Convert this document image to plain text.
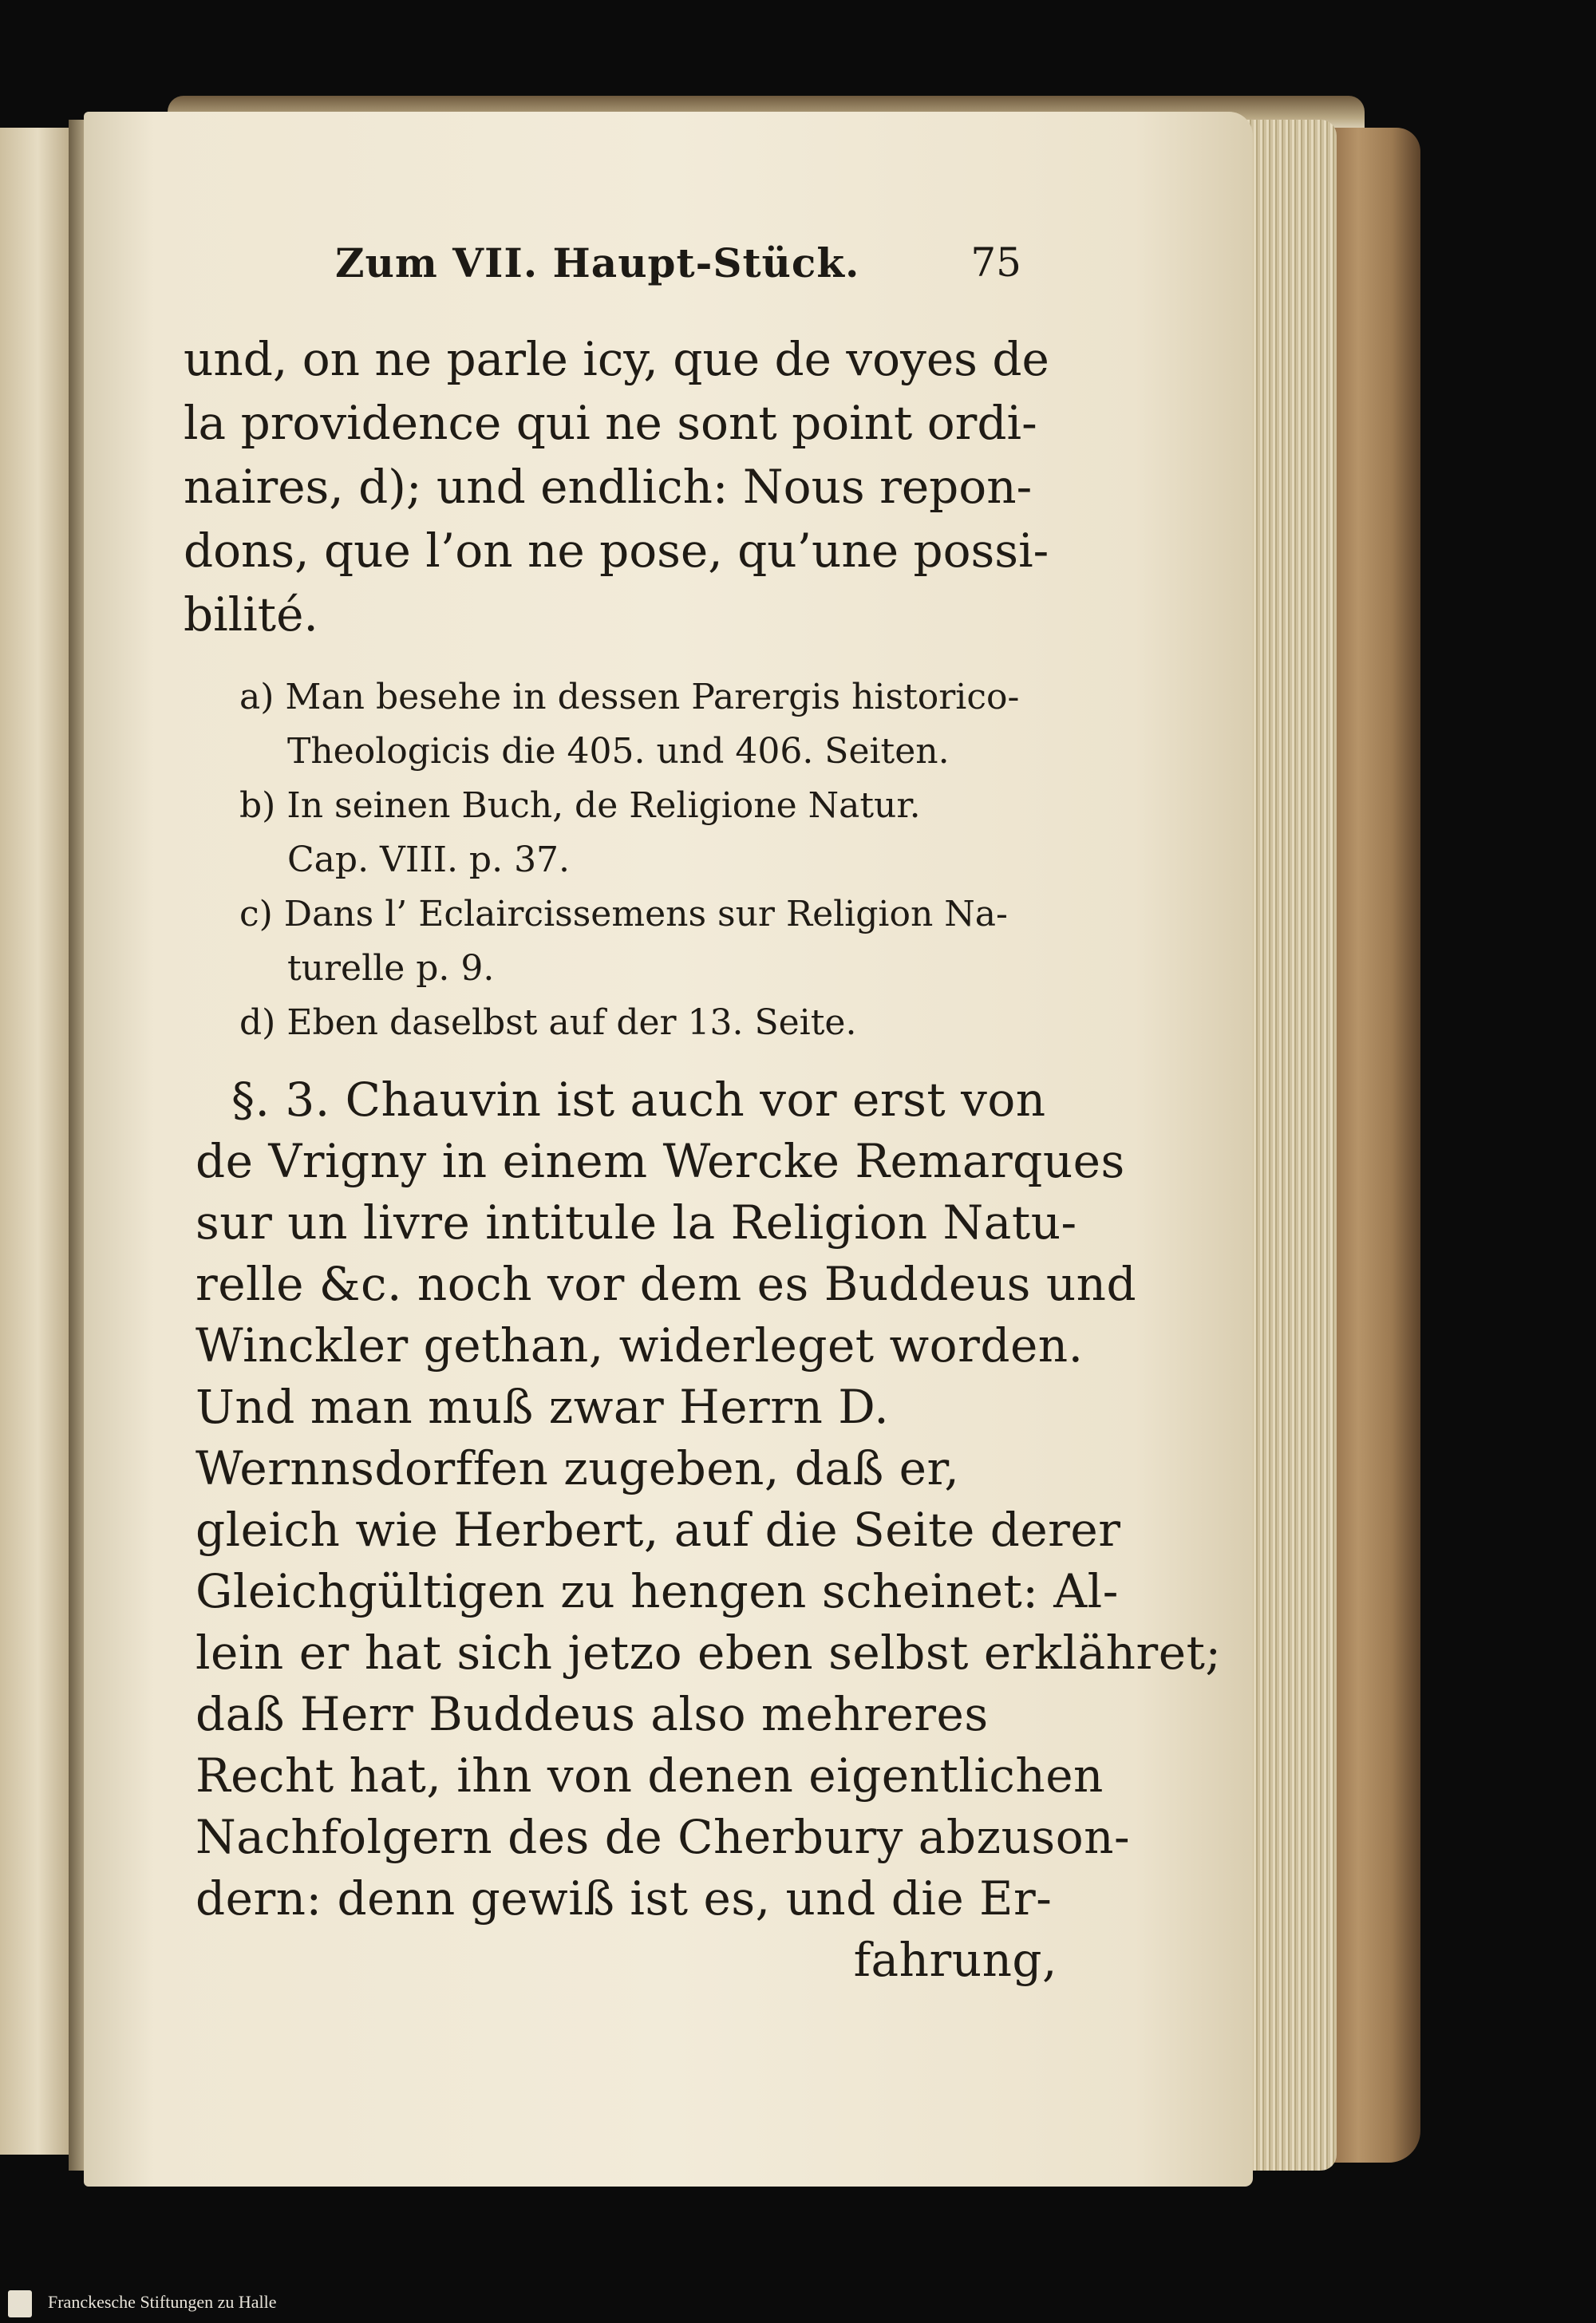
Zum VII. Haupt-Stück.	75
und, on ne parle icy, que de voyes de
la providence qui ne sont point ordi-
naires, d); und endlich: Nous repon-
dons, que l’on ne pose, qu’une possi-
bilité.
a) Man besehe in dessen Parergis historico-
Theologicis die 405. und 406. Seiten.
b) In seinen Buch, de Religione Natur.
Cap. VIII. p. 37.
c) Dans l’ Eclaircissemens sur Religion Na-
turelle p. 9.
d) Eben daselbst auf der 13. Seite.
§. 3. Chauvin ist auch vor erst von
de Vrigny in einem Wercke Remarques
sur un livre intitule la Religion Natu-
relle &c. noch vor dem es Buddeus und
Winckler gethan, widerleget worden.
Und man muß zwar Herrn D.
Wernnsdorffen zugeben, daß er,
gleich wie Herbert, auf die Seite derer
Gleichgültigen zu hengen scheinet: Al-
lein er hat sich jetzo eben selbst erklähret;
daß Herr Buddeus also mehreres
Recht hat, ihn von denen eigentlichen
Nachfolgern des de Cherbury abzuson-
dern: denn gewiß ist es, und die Er-
fahrung,
Franckesche Stiftungen zu Halle
